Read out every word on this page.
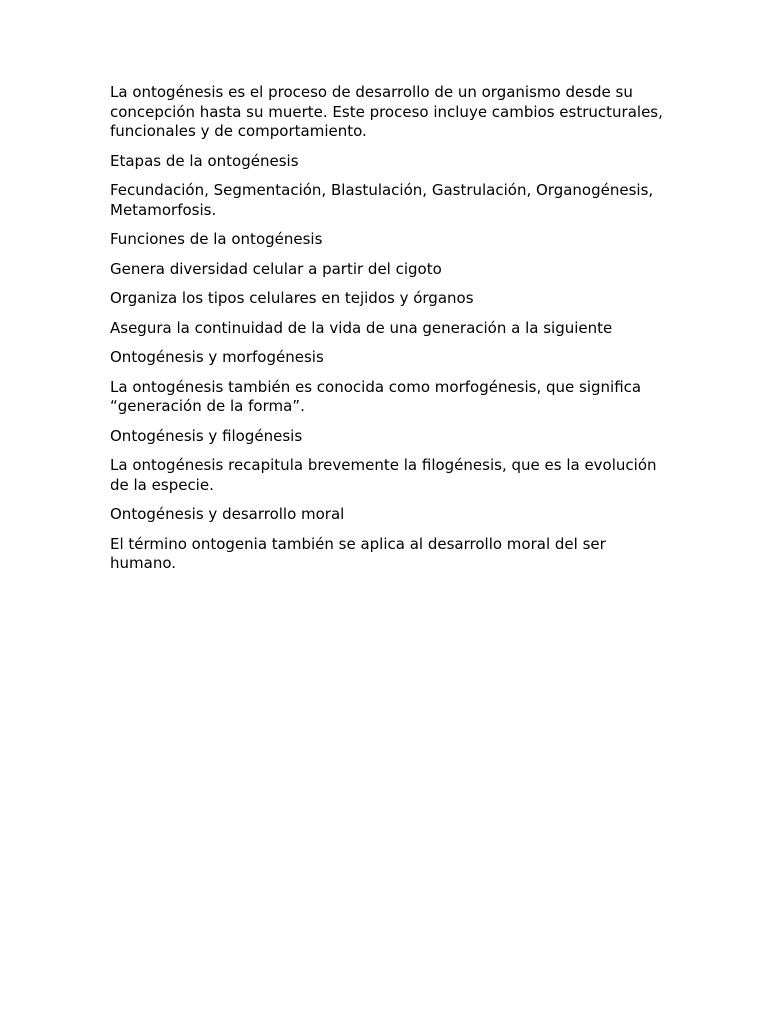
La ontogénesis es el proceso de desarrollo de un organismo desde su concepción hasta su muerte. Este proceso incluye cambios estructurales, funcionales y de comportamiento.

Etapas de la ontogénesis

Fecundación, Segmentación, Blastulación, Gastrulación, Organogénesis, Metamorfosis.

Funciones de la ontogénesis

Genera diversidad celular a partir del cigoto

Organiza los tipos celulares en tejidos y órganos

Asegura la continuidad de la vida de una generación a la siguiente

Ontogénesis y morfogénesis

La ontogénesis también es conocida como morfogénesis, que significa “generación de la forma”.

Ontogénesis y filogénesis

La ontogénesis recapitula brevemente la filogénesis, que es la evolución de la especie.

Ontogénesis y desarrollo moral

El término ontogenia también se aplica al desarrollo moral del ser humano.
